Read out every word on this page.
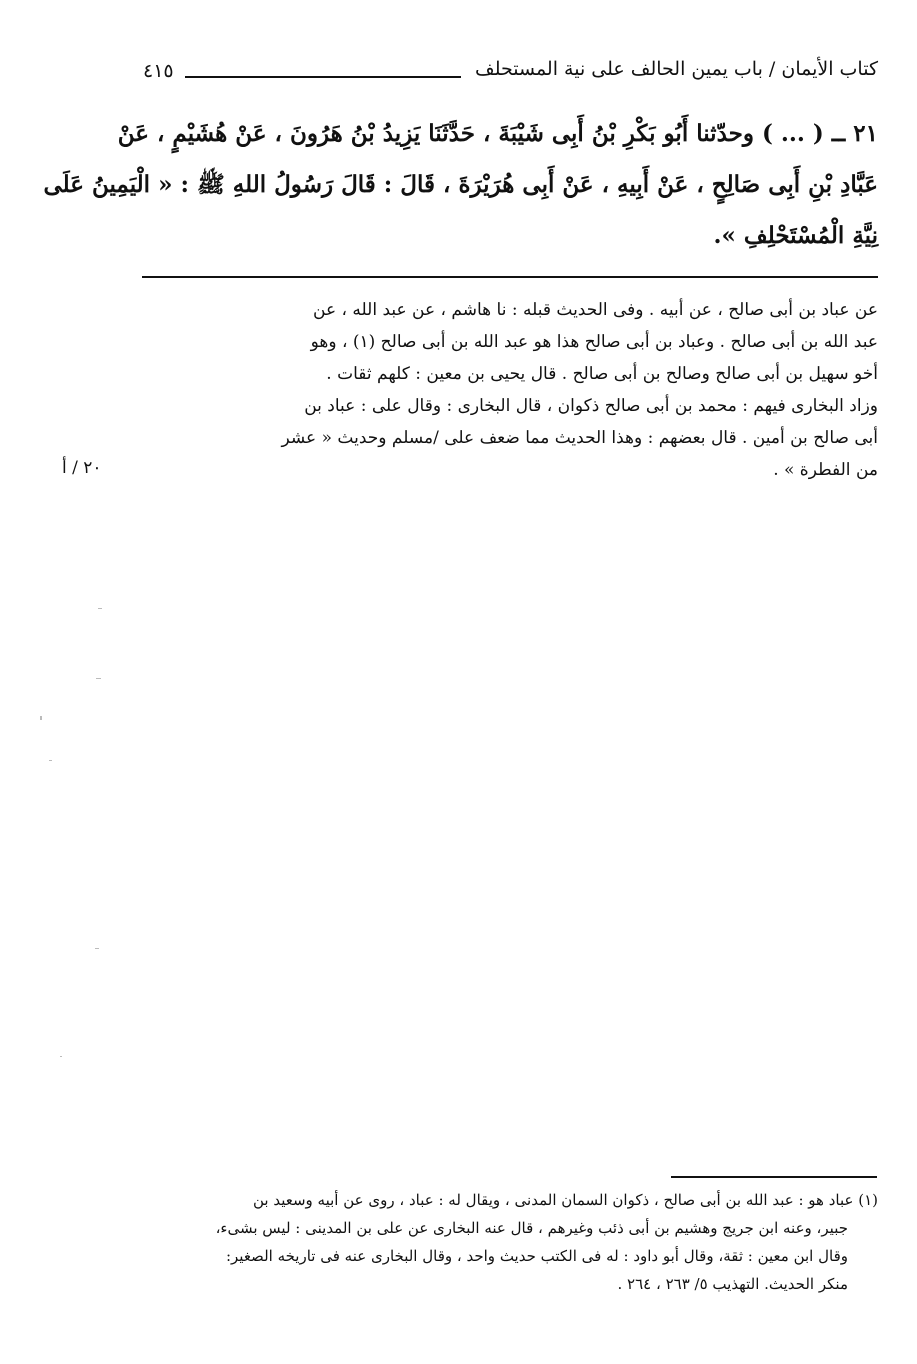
كتاب الأيمان / باب يمين الحالف على نية المستحلف
٤١٥
٢١ ــ ( ... ) وحدّثنا أَبُو بَكْرِ بْنُ أَبِى شَيْبَةَ ، حَدَّثَنَا يَزِيدُ بْنُ هَرُونَ ، عَنْ هُشَيْمٍ ، عَنْ
عَبَّادِ بْنِ أَبِى صَالِحٍ ، عَنْ أَبِيهِ ، عَنْ أَبِى هُرَيْرَةَ ، قَالَ : قَالَ رَسُولُ اللهِ ﷺ : « الْيَمِينُ عَلَى
نِيَّةِ الْمُسْتَحْلِفِ ».
عن عباد بن أبى صالح ، عن أبيه . وفى الحديث قبله : نا هاشم ، عن عبد الله ، عن
عبد الله بن أبى صالح . وعباد بن أبى صالح هذا هو عبد الله بن أبى صالح (١) ، وهو
أخو سهيل بن أبى صالح وصالح بن أبى صالح . قال يحيى بن معين : كلهم ثقات .
وزاد البخارى فيهم : محمد بن أبى صالح ذكوان ، قال البخارى : وقال على : عباد بن
أبى صالح بن أمين . قال بعضهم : وهذا الحديث مما ضعف على /مسلم وحديث « عشر
من الفطرة » .
٢٠ / أ
(١) عباد هو : عبد الله بن أبى صالح ، ذكوان السمان المدنى ، ويقال له : عباد ، روى عن أبيه وسعيد بن
جبير، وعنه ابن جريج وهشيم بن أبى ذئب وغيرهم ، قال عنه البخارى عن على بن المدينى : ليس بشىء،
وقال ابن معين : ثقة، وقال أبو داود : له فى الكتب حديث واحد ، وقال البخارى عنه فى تاريخه الصغير:
منكر الحديث. التهذيب ٥/ ٢٦٣ ، ٢٦٤ .
